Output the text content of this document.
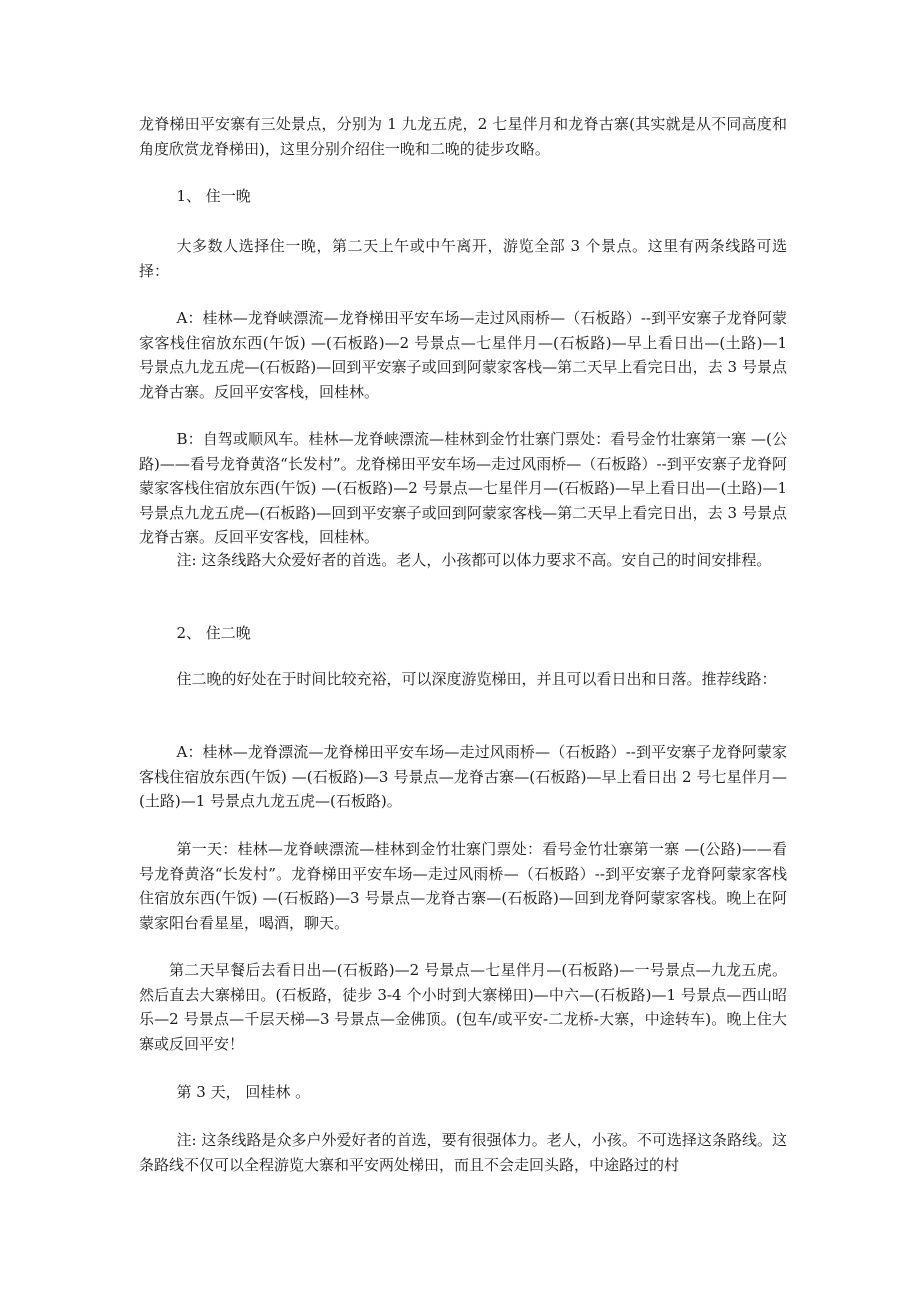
龙脊梯田平安寨有三处景点，分别为 1 九龙五虎，2 七星伴月和龙脊古寨(其实就是从不同高度和角度欣赏龙脊梯田)，这里分别介绍住一晚和二晚的徒步攻略。

1、 住一晚

大多数人选择住一晚，第二天上午或中午离开，游览全部 3 个景点。这里有两条线路可选择：

A：桂林—龙脊峡漂流—龙脊梯田平安车场—走过风雨桥—（石板路）--到平安寨子龙脊阿蒙家客栈住宿放东西(午饭) —(石板路)—2 号景点—七星伴月—(石板路)—早上看日出—(土路)—1 号景点九龙五虎—(石板路)—回到平安寨子或回到阿蒙家客栈—第二天早上看完日出，去 3 号景点龙脊古寨。反回平安客栈，回桂林。

B：自驾或顺风车。桂林—龙脊峡漂流—桂林到金竹壮寨门票处：看号金竹壮寨第一寨 —(公路)——看号龙脊黄洛“长发村”。龙脊梯田平安车场—走过风雨桥—（石板路）--到平安寨子龙脊阿蒙家客栈住宿放东西(午饭) —(石板路)—2 号景点—七星伴月—(石板路)—早上看日出—(土路)—1 号景点九龙五虎—(石板路)—回到平安寨子或回到阿蒙家客栈—第二天早上看完日出，去 3 号景点龙脊古寨。反回平安客栈，回桂林。

注: 这条线路大众爱好者的首选。老人，小孩都可以体力要求不高。安自己的时间安排程。

2、 住二晚

住二晚的好处在于时间比较充裕，可以深度游览梯田，并且可以看日出和日落。推荐线路：

A：桂林—龙脊漂流—龙脊梯田平安车场—走过风雨桥—（石板路）--到平安寨子龙脊阿蒙家客栈住宿放东西(午饭) —(石板路)—3 号景点—龙脊古寨—(石板路)—早上看日出 2 号七星伴月—(土路)—1 号景点九龙五虎—(石板路)。

第一天：桂林—龙脊峡漂流—桂林到金竹壮寨门票处：看号金竹壮寨第一寨 —(公路)——看号龙脊黄洛“长发村”。龙脊梯田平安车场—走过风雨桥—（石板路）--到平安寨子龙脊阿蒙家客栈住宿放东西(午饭) —(石板路)—3 号景点—龙脊古寨—(石板路)—回到龙脊阿蒙家客栈。晚上在阿蒙家阳台看星星，喝酒，聊天。

第二天早餐后去看日出—(石板路)—2 号景点—七星伴月—(石板路)—一号景点—九龙五虎。然后直去大寨梯田。(石板路，徒步 3-4 个小时到大寨梯田)—中六—(石板路)—1 号景点—西山昭乐—2 号景点—千层天梯—3 号景点—金佛顶。(包车/或平安-二龙桥-大寨，中途转车)。晚上住大寨或反回平安！

第 3 天， 回桂林 。

注: 这条线路是众多户外爱好者的首选，要有很强体力。老人，小孩。不可选择这条路线。这条路线不仅可以全程游览大寨和平安两处梯田，而且不会走回头路，中途路过的村
